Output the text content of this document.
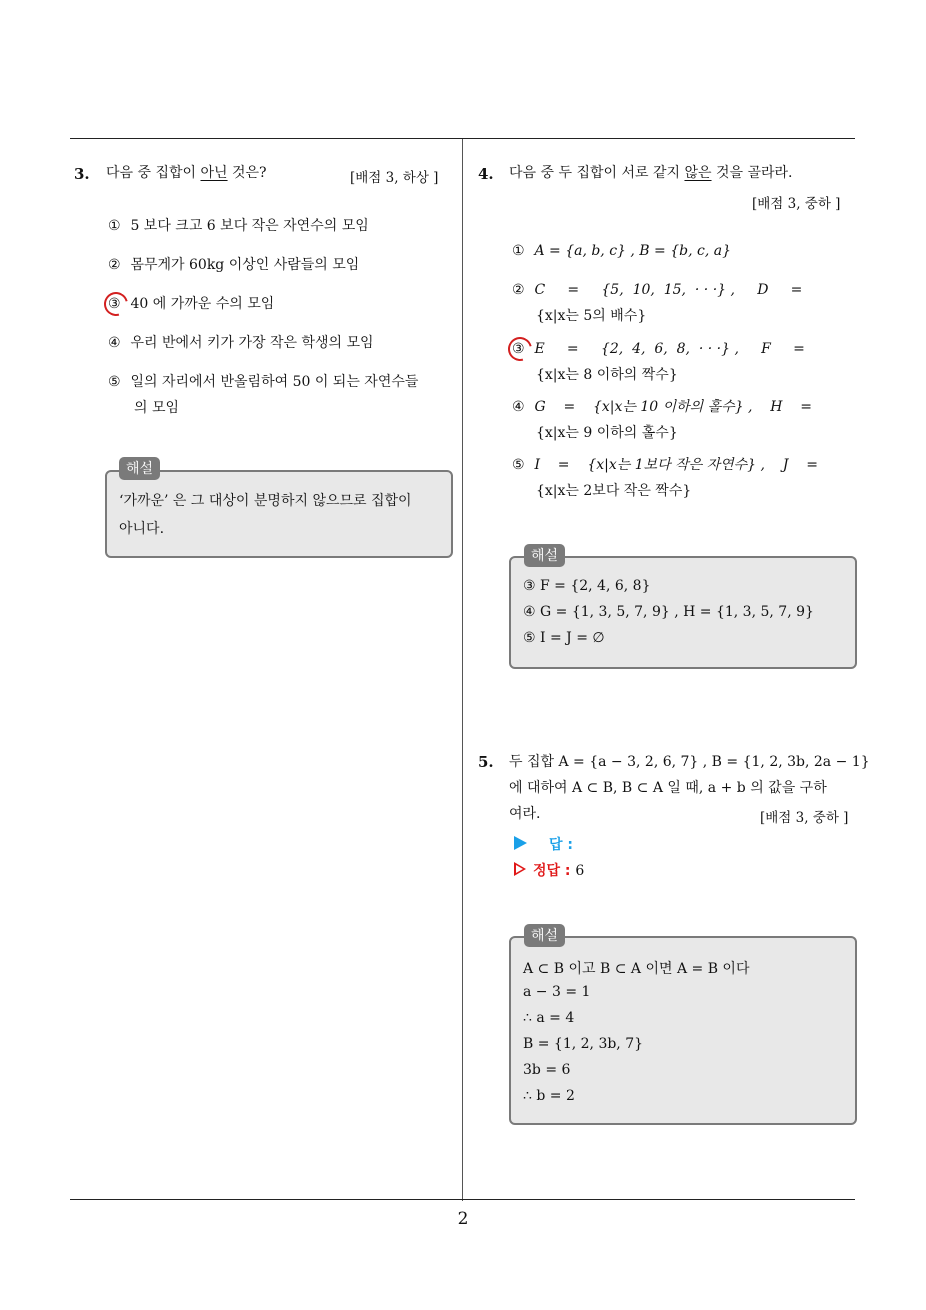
3. 다음 중 집합이 아닌 것은?	[배점 3, 하상 ]
① 5 보다 크고 6 보다 작은 자연수의 모임
② 몸무게가 60kg 이상인 사람들의 모임
③ 40 에 가까운 수의 모임
④ 우리 반에서 키가 가장 작은 학생의 모임
⑤ 일의 자리에서 반올림하여 50 이 되는 자연수들
의 모임
‘가까운’ 은 그 대상이 분명하지 않으므로 집합이
아니다.
해설
4. 다음 중 두 집합이 서로 같지 않은 것을 골라라.
[배점 3, 중하 ]
① A = {a, b, c} , B = {b, c, a}
② C     =     {5,  10,  15,  · · ·} ,     D     =
{x|x는 5의 배수}
③ E     =     {2,  4,  6,  8,  · · ·} ,     F     =
{x|x는 8 이하의 짝수}
④ G    =    {x|x는 10 이하의 홀수} ,    H    =
{x|x는 9 이하의 홀수}
⑤ I    =    {x|x는 1보다 작은 자연수} ,    J    =
{x|x는 2보다 작은 짝수}
③ F = {2, 4, 6, 8}
④ G = {1, 3, 5, 7, 9} , H = {1, 3, 5, 7, 9}
⑤ I = J = ∅
해설
5. 두 집합 A = {a − 3, 2, 6, 7} , B = {1, 2, 3b, 2a − 1}
에 대하여 A ⊂ B, B ⊂ A 일 때, a + b 의 값을 구하
여라.	[배점 3, 중하 ]
답 :
정답 : 6
A ⊂ B 이고 B ⊂ A 이면 A = B 이다
a − 3 = 1
∴ a = 4
B = {1, 2, 3b, 7}
3b = 6
∴ b = 2
해설
2
